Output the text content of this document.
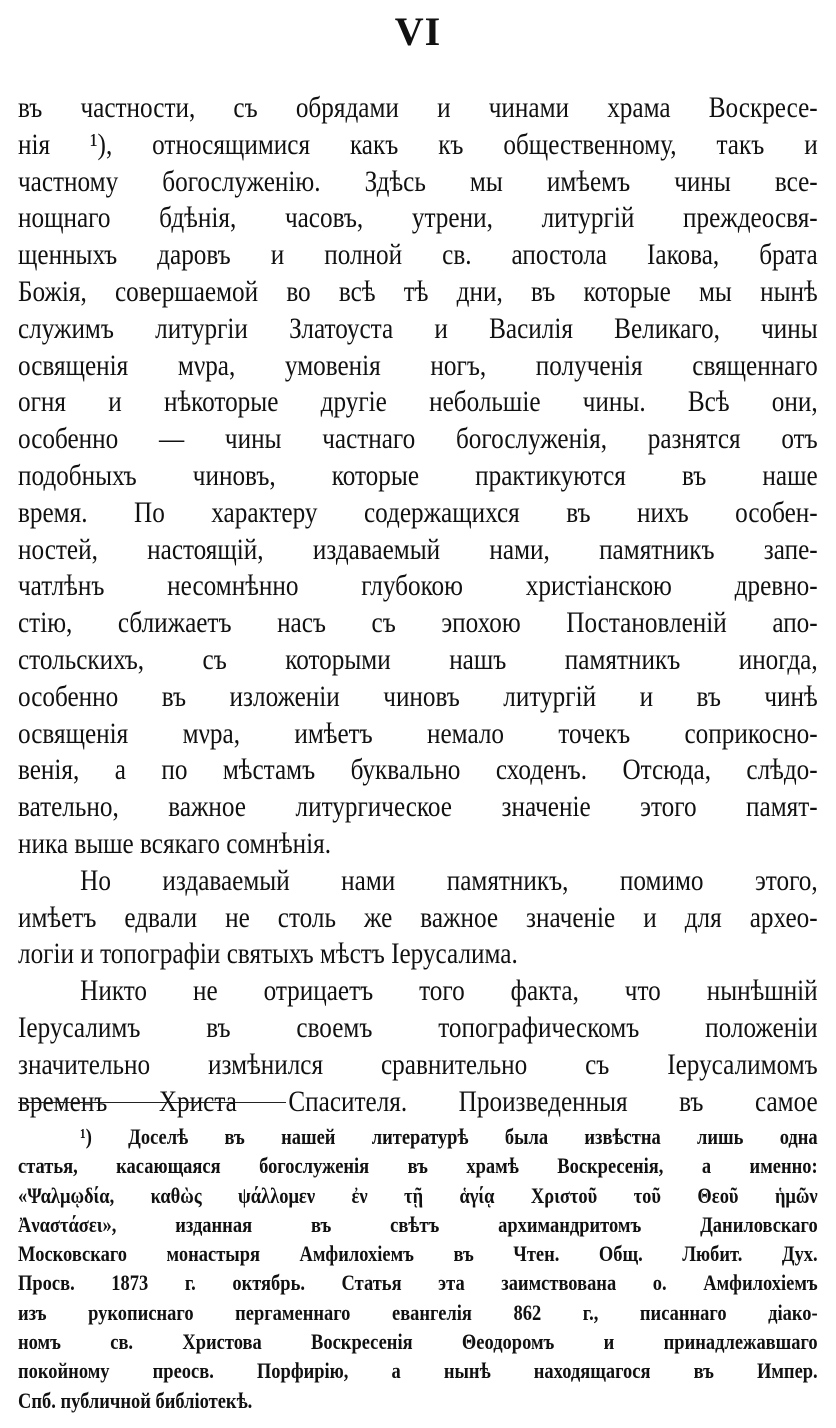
VI
въ частности, съ обрядами и чинами храма Воскресе-
нія ¹), относящимися какъ къ общественному, такъ и
частному богослуженію. Здѣсь мы имѣемъ чины все-
нощнаго бдѣнія, часовъ, утрени, литургій преждеосвя-
щенныхъ даровъ и полной св. апостола Іакова, брата
Божія, совершаемой во всѣ тѣ дни, въ которые мы нынѣ
служимъ литургіи Златоуста и Василія Великаго, чины
освященія мνра, умовенія ногъ, полученія священнаго
огня и нѣкоторые другіе небольшіе чины. Всѣ они,
особенно — чины частнаго богослуженія, разнятся отъ
подобныхъ чиновъ, которые практикуются въ наше
время. По характеру содержащихся въ нихъ особен-
ностей, настоящій, издаваемый нами, памятникъ запе-
чатлѣнъ несомнѣнно глубокою христіанскою древно-
стію, сближаетъ насъ съ эпохою Постановленій апо-
стольскихъ, съ которыми нашъ памятникъ иногда,
особенно въ изложеніи чиновъ литургій и въ чинѣ
освященія мνра, имѣетъ немало точекъ соприкосно-
венія, а по мѣстамъ буквально сходенъ. Отсюда, слѣдо-
вательно, важное литургическое значеніе этого памят-
ника выше всякаго сомнѣнія.
Но издаваемый нами памятникъ, помимо этого,
имѣетъ едвали не столь же важное значеніе и для археo-
логіи и топографіи святыхъ мѣстъ Іерусалима.
Никто не отрицаетъ того факта, что нынѣшній
Іерусалимъ въ своемъ топографическомъ положеніи
значительно измѣнился сравнительно съ Іерусалимомъ
временъ Христа Спасителя. Произведенныя въ самое
¹) Доселѣ въ нашей литературѣ была извѣстна лишь одна
статья, касающаяся богослуженія въ храмѣ Воскресенія, а именно:
«Ψαλμῳδία, καθὼς ψάλλομεν ἐν τῇ ἁγίᾳ Χριστοῦ τοῦ Θεοῦ ἡμῶν
Ἀναστάσει», изданная въ свѣтъ архимандритомъ Даниловскаго
Московскаго монастыря Амфилохіемъ въ Чтен. Общ. Любит. Дух.
Просв. 1873 г. октябрь. Статья эта заимствована о. Амфилохіемъ
изъ рукописнаго пергаменнаго евангелія 862 г., писаннаго діако-
номъ св. Христова Воскресенія Θеодоромъ и принадлежавшаго
покойному преосв. Порфирію, а нынѣ находящагося въ Импер.
Спб. публичной библіотекѣ.
